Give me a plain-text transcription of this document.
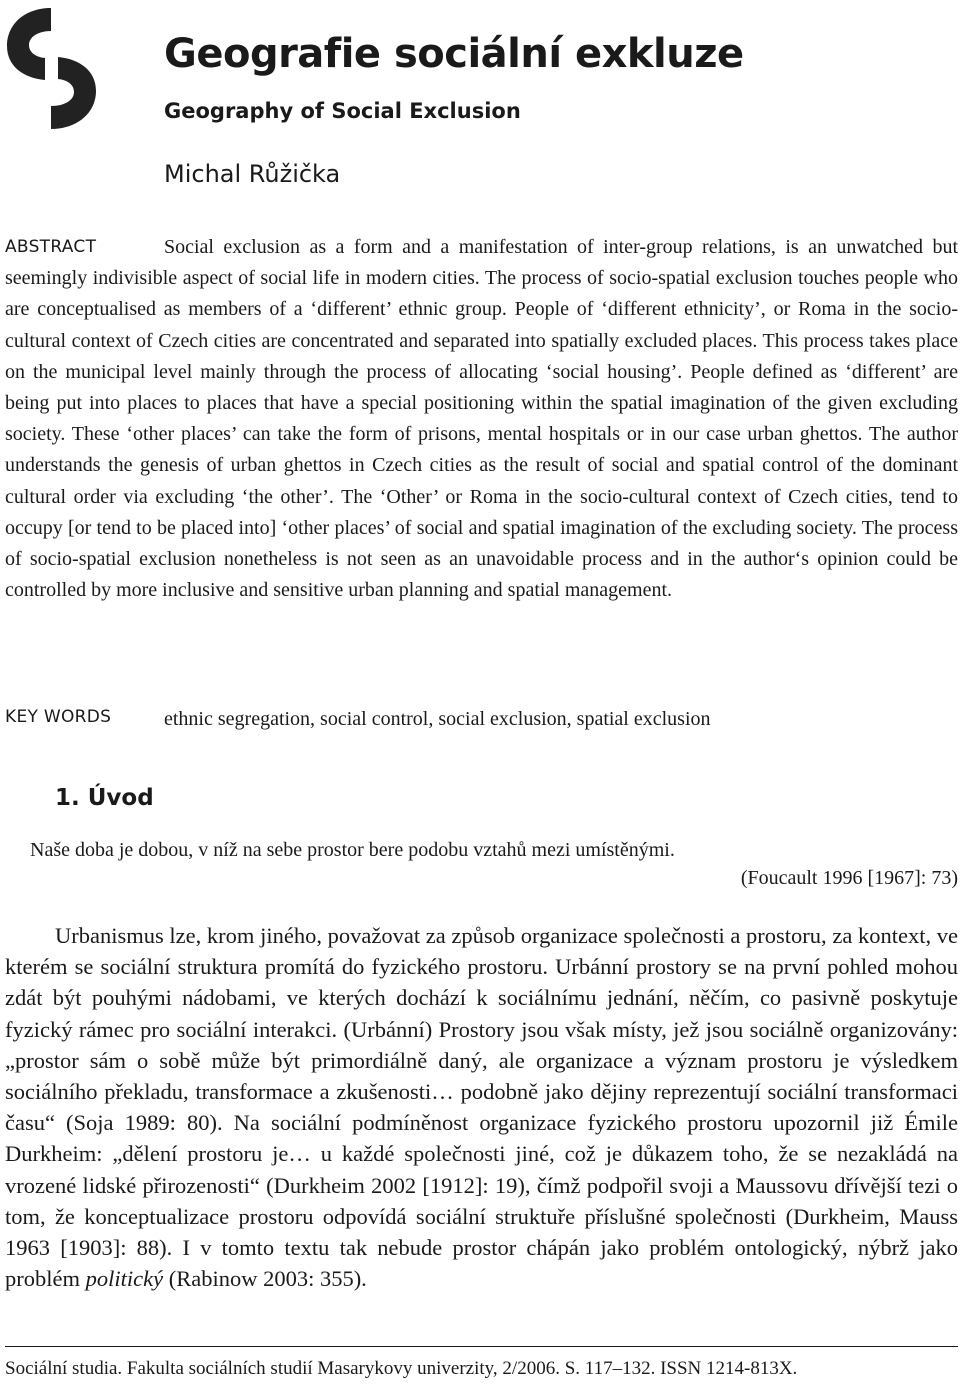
Geografie sociální exkluze
Geography of Social Exclusion
Michal Růžička
ABSTRACT	Social exclusion as a form and a manifestation of inter-group relations, is an unwatched but seemingly indivisible aspect of social life in modern cities. The process of socio-spatial exclusion touches people who are conceptualised as members of a ‘different’ ethnic group. People of ‘different ethnicity’, or Roma in the socio-cultural context of Czech cities are concentrated and separated into spatially excluded places. This process takes place on the municipal level mainly through the process of allocating ‘social housing’. People defined as ‘different’ are being put into places to places that have a special positioning within the spatial imagination of the given excluding society. These ‘other places’ can take the form of prisons, mental hospitals or in our case urban ghettos. The author understands the genesis of urban ghettos in Czech cities as the result of social and spatial control of the dominant cultural order via excluding ‘the other’. The ‘Other’ or Roma in the socio-cultural context of Czech cities, tend to occupy [or tend to be placed into] ‘other places’ of social and spatial imagination of the excluding society. The process of socio-spatial exclusion nonetheless is not seen as an unavoidable process and in the author‘s opinion could be controlled by more inclusive and sensitive urban planning and spatial management.

KEY WORDS	ethnic segregation, social control, social exclusion, spatial exclusion

1. Úvod
Naše doba je dobou, v níž na sebe prostor bere podobu vztahů mezi umístěnými.
(Foucault 1996 [1967]: 73)

Urbanismus lze, krom jiného, považovat za způsob organizace společnosti a prostoru, za kontext, ve kterém se sociální struktura promítá do fyzického prostoru. Urbánní prostory se na první pohled mohou zdát být pouhými nádobami, ve kterých dochází k sociálnímu jednání, něčím, co pasivně poskytuje fyzický rámec pro sociální interakci. (Urbánní) Prostory jsou však místy, jež jsou sociálně organizovány: „prostor sám o sobě může být primordiálně daný, ale organizace a význam prostoru je výsledkem sociálního překladu, transformace a zkušenosti… podobně jako dějiny reprezentují sociální transformaci času“ (Soja 1989: 80). Na sociální podmíněnost organizace fyzického prostoru upozornil již Émile Durkheim: „dělení prostoru je… u každé společnosti jiné, což je důkazem toho, že se nezakládá na vrozené lidské přirozenosti“ (Durkheim 2002 [1912]: 19), čímž podpořil svoji a Maussovu dřívější tezi o tom, že konceptualizace prostoru odpovídá sociální struktuře příslušné společnosti (Durkheim, Mauss 1963 [1903]: 88). I v tomto textu tak nebude prostor chápán jako problém ontologický, nýbrž jako problém politický (Rabinow 2003: 355).

Sociální studia. Fakulta sociálních studií Masarykovy univerzity, 2/2006. S. 117–132. ISSN 1214-813X.
